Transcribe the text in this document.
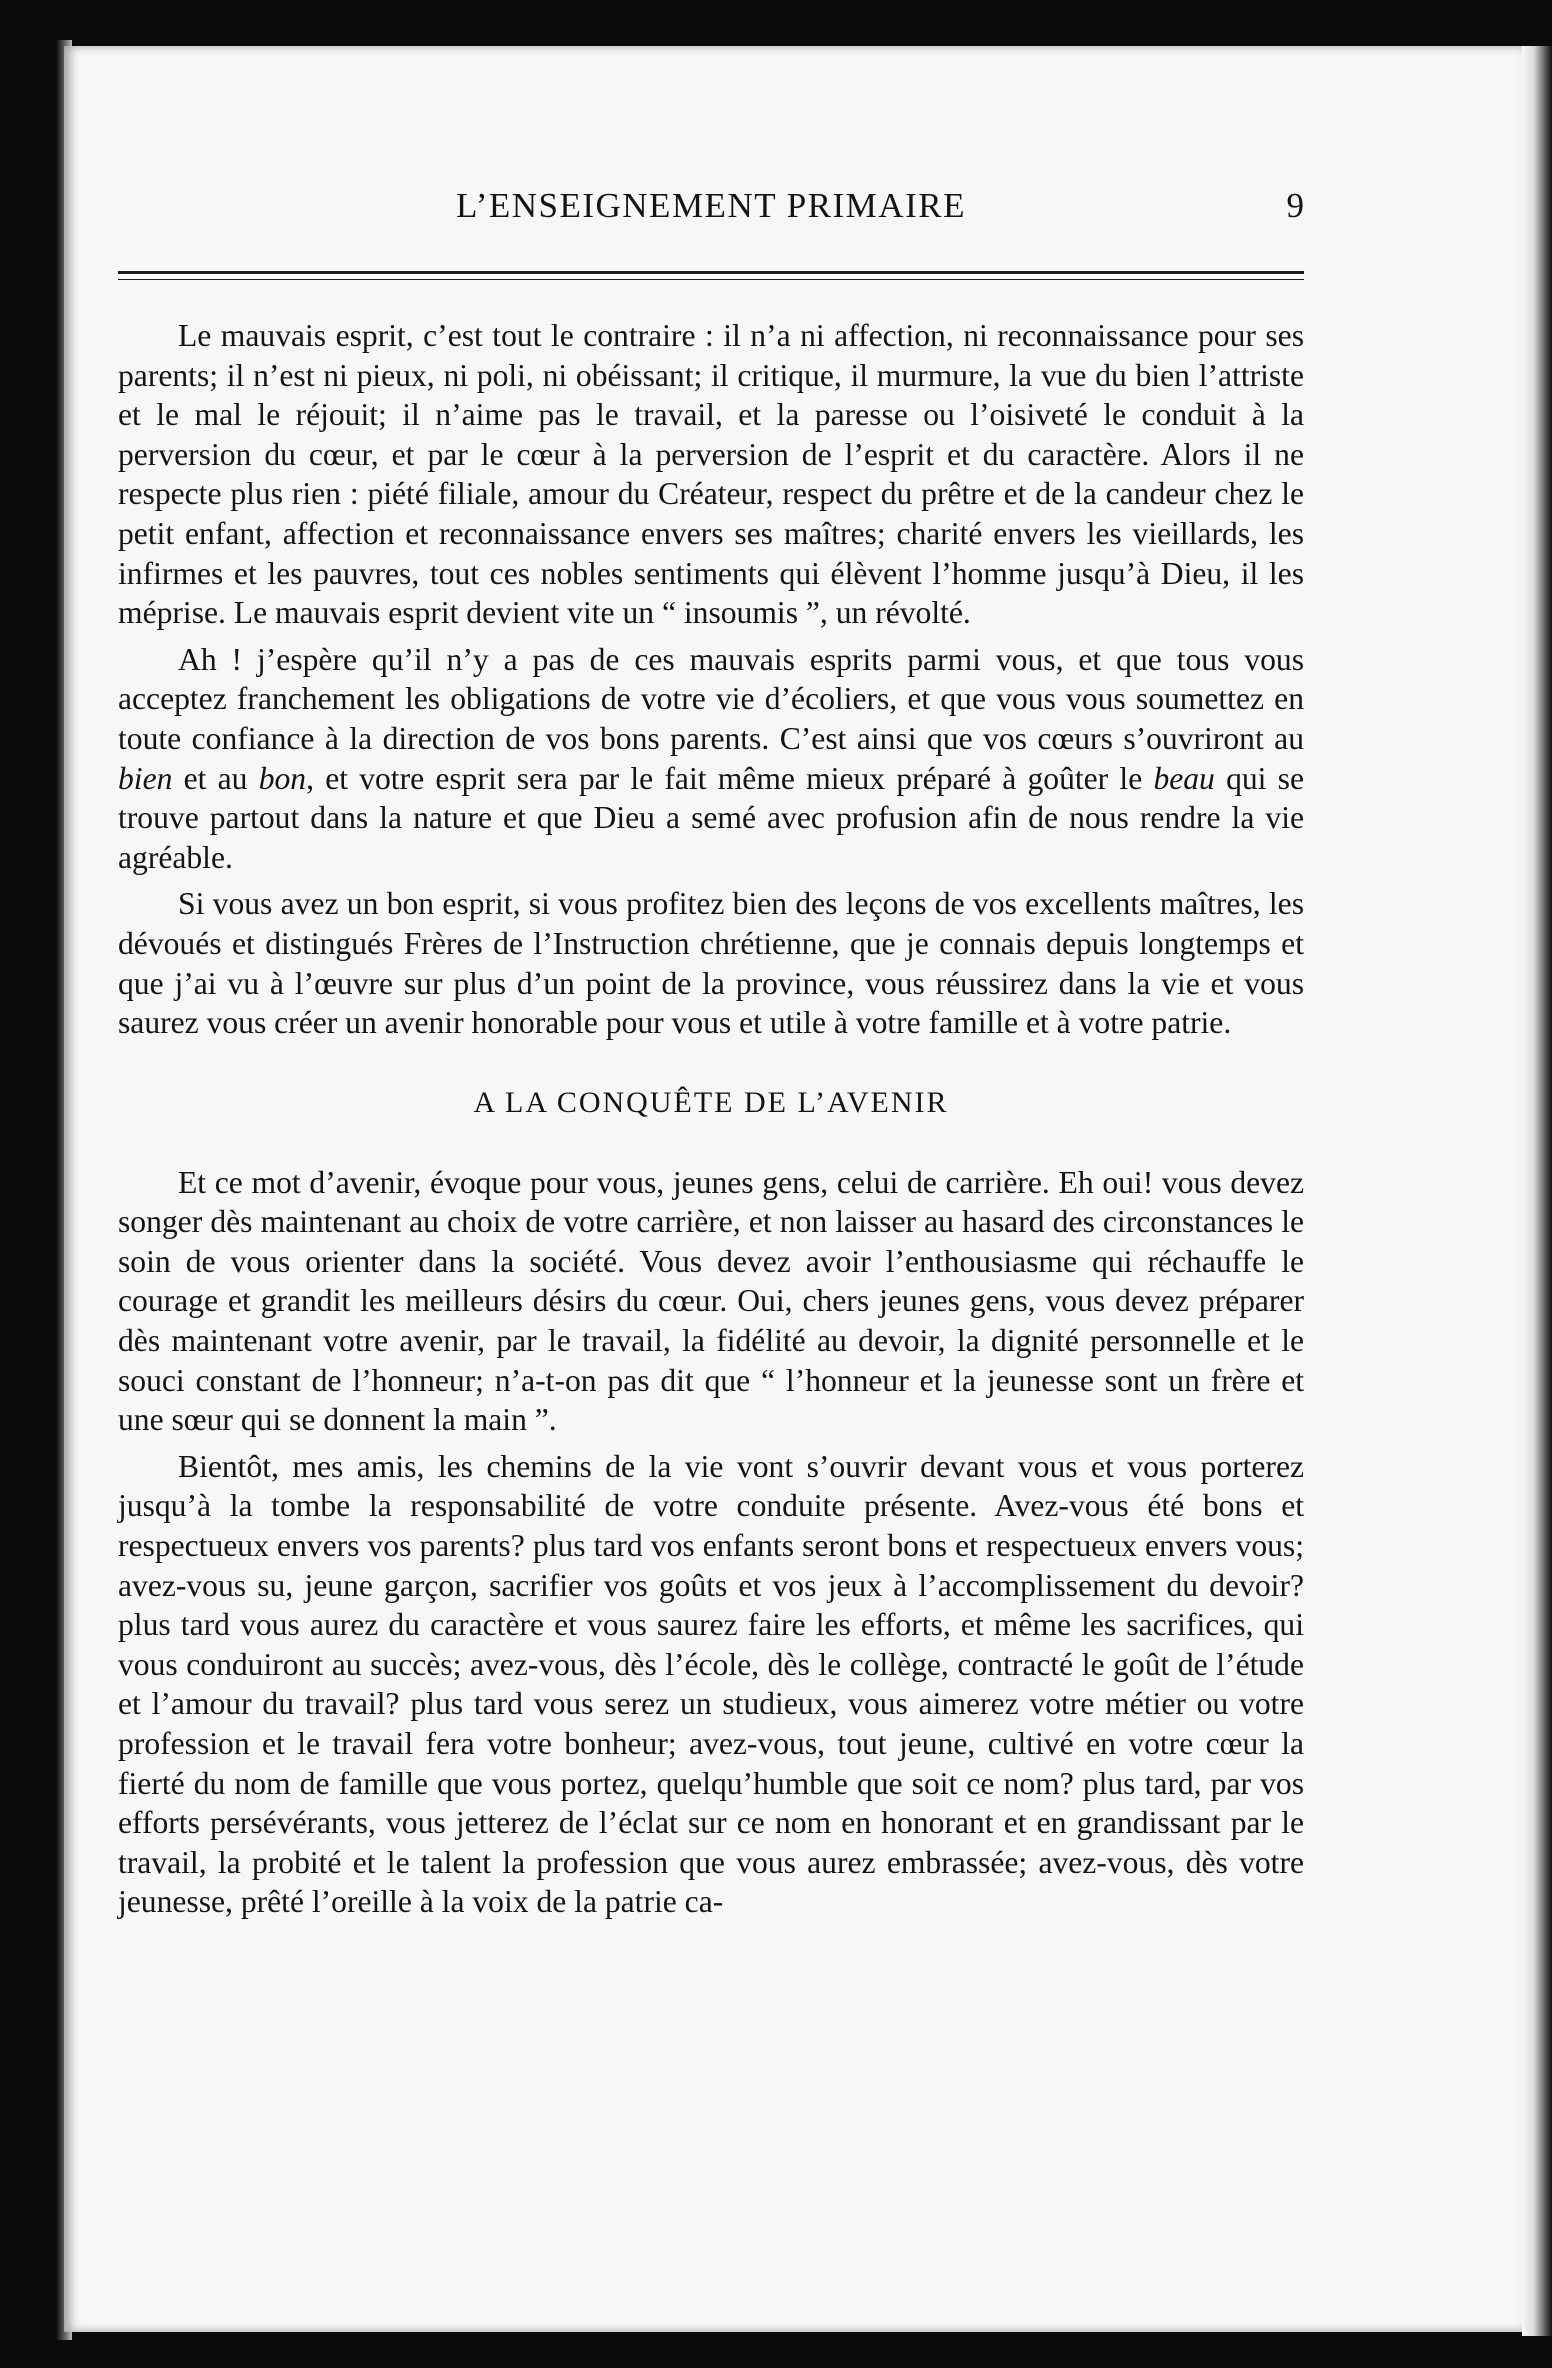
L’ENSEIGNEMENT PRIMAIRE	9

Le mauvais esprit, c’est tout le contraire : il n’a ni affection, ni reconnaissance pour ses parents; il n’est ni pieux, ni poli, ni obéissant; il critique, il murmure, la vue du bien l’attriste et le mal le réjouit; il n’aime pas le travail, et la paresse ou l’oisiveté le conduit à la perversion du cœur, et par le cœur à la perversion de l’esprit et du caractère. Alors il ne respecte plus rien : piété filiale, amour du Créateur, respect du prêtre et de la candeur chez le petit enfant, affection et reconnaissance envers ses maîtres; charité envers les vieillards, les infirmes et les pauvres, tout ces nobles sentiments qui élèvent l’homme jusqu’à Dieu, il les méprise. Le mauvais esprit devient vite un “ insoumis ”, un révolté.

Ah ! j’espère qu’il n’y a pas de ces mauvais esprits parmi vous, et que tous vous acceptez franchement les obligations de votre vie d’écoliers, et que vous vous soumettez en toute confiance à la direction de vos bons parents. C’est ainsi que vos cœurs s’ouvriront au bien et au bon, et votre esprit sera par le fait même mieux préparé à goûter le beau qui se trouve partout dans la nature et que Dieu a semé avec profusion afin de nous rendre la vie agréable.

Si vous avez un bon esprit, si vous profitez bien des leçons de vos excellents maîtres, les dévoués et distingués Frères de l’Instruction chrétienne, que je connais depuis longtemps et que j’ai vu à l’œuvre sur plus d’un point de la province, vous réussirez dans la vie et vous saurez vous créer un avenir honorable pour vous et utile à votre famille et à votre patrie.

A LA CONQUÊTE DE L’AVENIR

Et ce mot d’avenir, évoque pour vous, jeunes gens, celui de carrière. Eh oui! vous devez songer dès maintenant au choix de votre carrière, et non laisser au hasard des circonstances le soin de vous orienter dans la société. Vous devez avoir l’enthousiasme qui réchauffe le courage et grandit les meilleurs désirs du cœur. Oui, chers jeunes gens, vous devez préparer dès maintenant votre avenir, par le travail, la fidélité au devoir, la dignité personnelle et le souci constant de l’honneur; n’a-t-on pas dit que “ l’honneur et la jeunesse sont un frère et une sœur qui se donnent la main ”.

Bientôt, mes amis, les chemins de la vie vont s’ouvrir devant vous et vous porterez jusqu’à la tombe la responsabilité de votre conduite présente. Avez-vous été bons et respectueux envers vos parents? plus tard vos enfants seront bons et respectueux envers vous; avez-vous su, jeune garçon, sacrifier vos goûts et vos jeux à l’accomplissement du devoir? plus tard vous aurez du caractère et vous saurez faire les efforts, et même les sacrifices, qui vous conduiront au succès; avez-vous, dès l’école, dès le collège, contracté le goût de l’étude et l’amour du travail? plus tard vous serez un studieux, vous aimerez votre métier ou votre profession et le travail fera votre bonheur; avez-vous, tout jeune, cultivé en votre cœur la fierté du nom de famille que vous portez, quelqu’humble que soit ce nom? plus tard, par vos efforts persévérants, vous jetterez de l’éclat sur ce nom en honorant et en grandissant par le travail, la probité et le talent la profession que vous aurez embrassée; avez-vous, dès votre jeunesse, prêté l’oreille à la voix de la patrie ca-
